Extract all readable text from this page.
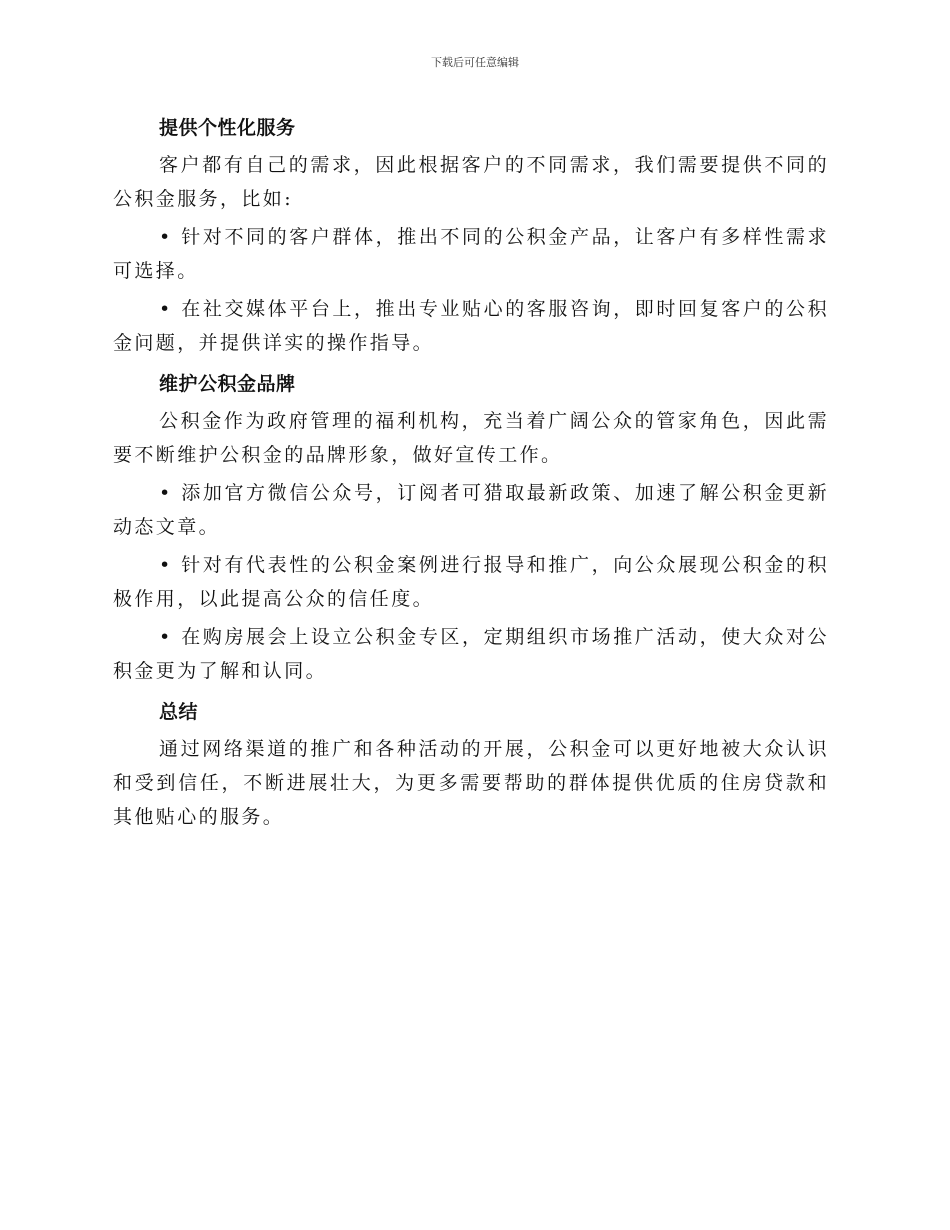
下载后可任意编辑
提供个性化服务

客户都有自己的需求，因此根据客户的不同需求，我们需要提供不同的公积金服务，比如:

• 针对不同的客户群体，推出不同的公积金产品，让客户有多样性需求可选择。

• 在社交媒体平台上，推出专业贴心的客服咨询，即时回复客户的公积金问题，并提供详实的操作指导。

维护公积金品牌

公积金作为政府管理的福利机构，充当着广阔公众的管家角色，因此需要不断维护公积金的品牌形象，做好宣传工作。

• 添加官方微信公众号，订阅者可猎取最新政策、加速了解公积金更新动态文章。

• 针对有代表性的公积金案例进行报导和推广，向公众展现公积金的积极作用，以此提高公众的信任度。

• 在购房展会上设立公积金专区，定期组织市场推广活动，使大众对公积金更为了解和认同。

总结

通过网络渠道的推广和各种活动的开展，公积金可以更好地被大众认识和受到信任，不断进展壮大，为更多需要帮助的群体提供优质的住房贷款和其他贴心的服务。
